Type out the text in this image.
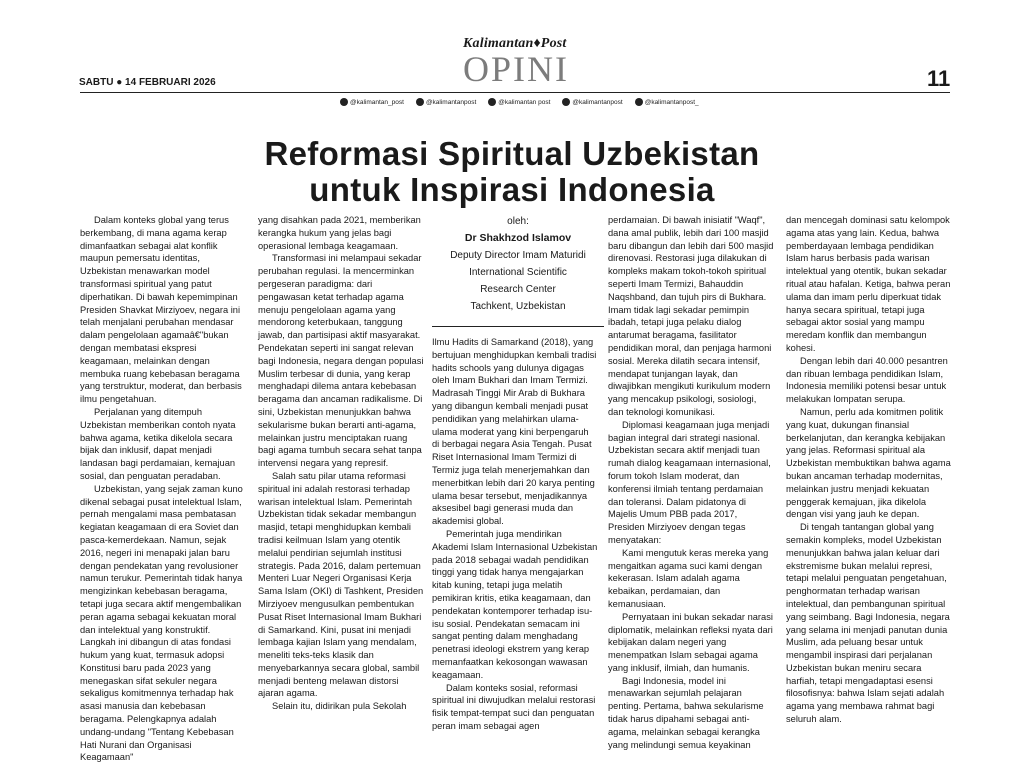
Kalimantan♦Post
OPINI
SABTU ● 14 FEBRUARI 2026	11
@kalimantan_post	@kalimantanpost	@kalimantan post	@kalimantanpost	@kalimantanpost_
Reformasi Spiritual Uzbekistan
untuk Inspirasi Indonesia

Dalam konteks global yang terus berkembang, di mana agama kerap dimanfaatkan sebagai alat konflik maupun pemersatu identitas, Uzbekistan menawarkan model transformasi spiritual yang patut diperhatikan. Di bawah kepemimpinan Presiden Shavkat Mirziyoev, negara ini telah menjalani perubahan mendasar dalam pengelolaan agamaâ€"bukan dengan membatasi ekspresi keagamaan, melainkan dengan membuka ruang kebebasan beragama yang terstruktur, moderat, dan berbasis ilmu pengetahuan.

Perjalanan yang ditempuh Uzbekistan memberikan contoh nyata bahwa agama, ketika dikelola secara bijak dan inklusif, dapat menjadi landasan bagi perdamaian, kemajuan sosial, dan penguatan peradaban.

Uzbekistan, yang sejak zaman kuno dikenal sebagai pusat intelektual Islam, pernah mengalami masa pembatasan kegiatan keagamaan di era Soviet dan pasca-kemerdekaan. Namun, sejak 2016, negeri ini menapaki jalan baru dengan pendekatan yang revolusioner namun terukur. Pemerintah tidak hanya mengizinkan kebebasan beragama, tetapi juga secara aktif mengembalikan peran agama sebagai kekuatan moral dan intelektual yang konstruktif. Langkah ini dibangun di atas fondasi hukum yang kuat, termasuk adopsi Konstitusi baru pada 2023 yang menegaskan sifat sekuler negara sekaligus komitmennya terhadap hak asasi manusia dan kebebasan beragama. Pelengkapnya adalah undang-undang "Tentang Kebebasan Hati Nurani dan Organisasi Keagamaan"

yang disahkan pada 2021, memberikan kerangka hukum yang jelas bagi operasional lembaga keagamaan.

Transformasi ini melampaui sekadar perubahan regulasi. Ia mencerminkan pergeseran paradigma: dari pengawasan ketat terhadap agama menuju pengelolaan agama yang mendorong keterbukaan, tanggung jawab, dan partisipasi aktif masyarakat. Pendekatan seperti ini sangat relevan bagi Indonesia, negara dengan populasi Muslim terbesar di dunia, yang kerap menghadapi dilema antara kebebasan beragama dan ancaman radikalisme. Di sini, Uzbekistan menunjukkan bahwa sekularisme bukan berarti anti-agama, melainkan justru menciptakan ruang bagi agama tumbuh secara sehat tanpa intervensi negara yang represif.

Salah satu pilar utama reformasi spiritual ini adalah restorasi terhadap warisan intelektual Islam. Pemerintah Uzbekistan tidak sekadar membangun masjid, tetapi menghidupkan kembali tradisi keilmuan Islam yang otentik melalui pendirian sejumlah institusi strategis. Pada 2016, dalam pertemuan Menteri Luar Negeri Organisasi Kerja Sama Islam (OKI) di Tashkent, Presiden Mirziyoev mengusulkan pembentukan Pusat Riset Internasional Imam Bukhari di Samarkand. Kini, pusat ini menjadi lembaga kajian Islam yang mendalam, meneliti teks-teks klasik dan menyebarkannya secara global, sambil menjadi benteng melawan distorsi ajaran agama.

Selain itu, didirikan pula Sekolah

oleh:
Dr Shakhzod Islamov
Deputy Director Imam Maturidi
International Scientific
Research Center
Tachkent, Uzbekistan

Ilmu Hadits di Samarkand (2018), yang bertujuan menghidupkan kembali tradisi hadits schools yang dulunya digagas oleh Imam Bukhari dan Imam Termizi. Madrasah Tinggi Mir Arab di Bukhara yang dibangun kembali menjadi pusat pendidikan yang melahirkan ulama-ulama moderat yang kini berpengaruh di berbagai negara Asia Tengah. Pusat Riset Internasional Imam Termizi di Termiz juga telah menerjemahkan dan menerbitkan lebih dari 20 karya penting ulama besar tersebut, menjadikannya aksesibel bagi generasi muda dan akademisi global.

Pemerintah juga mendirikan Akademi Islam Internasional Uzbekistan pada 2018 sebagai wadah pendidikan tinggi yang tidak hanya mengajarkan kitab kuning, tetapi juga melatih pemikiran kritis, etika keagamaan, dan pendekatan kontemporer terhadap isu-isu sosial. Pendekatan semacam ini sangat penting dalam menghadang penetrasi ideologi ekstrem yang kerap memanfaatkan kekosongan wawasan keagamaan.

Dalam konteks sosial, reformasi spiritual ini diwujudkan melalui restorasi fisik tempat-tempat suci dan penguatan peran imam sebagai agen

perdamaian. Di bawah inisiatif "Waqf", dana amal publik, lebih dari 100 masjid baru dibangun dan lebih dari 500 masjid direnovasi. Restorasi juga dilakukan di kompleks makam tokoh-tokoh spiritual seperti Imam Termizi, Bahauddin Naqshband, dan tujuh pirs di Bukhara. Imam tidak lagi sekadar pemimpin ibadah, tetapi juga pelaku dialog antarumat beragama, fasilitator pendidikan moral, dan penjaga harmoni sosial. Mereka dilatih secara intensif, mendapat tunjangan layak, dan diwajibkan mengikuti kurikulum modern yang mencakup psikologi, sosiologi, dan teknologi komunikasi.

Diplomasi keagamaan juga menjadi bagian integral dari strategi nasional. Uzbekistan secara aktif menjadi tuan rumah dialog keagamaan internasional, forum tokoh Islam moderat, dan konferensi ilmiah tentang perdamaian dan toleransi. Dalam pidatonya di Majelis Umum PBB pada 2017, Presiden Mirziyoev dengan tegas menyatakan:

Kami mengutuk keras mereka yang mengaitkan agama suci kami dengan kekerasan. Islam adalah agama kebaikan, perdamaian, dan kemanusiaan.

Pernyataan ini bukan sekadar narasi diplomatik, melainkan refleksi nyata dari kebijakan dalam negeri yang menempatkan Islam sebagai agama yang inklusif, ilmiah, dan humanis.

Bagi Indonesia, model ini menawarkan sejumlah pelajaran penting. Pertama, bahwa sekularisme tidak harus dipahami sebagai anti-agama, melainkan sebagai kerangka yang melindungi semua keyakinan

dan mencegah dominasi satu kelompok agama atas yang lain. Kedua, bahwa pemberdayaan lembaga pendidikan Islam harus berbasis pada warisan intelektual yang otentik, bukan sekadar ritual atau hafalan. Ketiga, bahwa peran ulama dan imam perlu diperkuat tidak hanya secara spiritual, tetapi juga sebagai aktor sosial yang mampu meredam konflik dan membangun kohesi.

Dengan lebih dari 40.000 pesantren dan ribuan lembaga pendidikan Islam, Indonesia memiliki potensi besar untuk melakukan lompatan serupa.

Namun, perlu ada komitmen politik yang kuat, dukungan finansial berkelanjutan, dan kerangka kebijakan yang jelas. Reformasi spiritual ala Uzbekistan membuktikan bahwa agama bukan ancaman terhadap modernitas, melainkan justru menjadi kekuatan penggerak kemajuan, jika dikelola dengan visi yang jauh ke depan.

Di tengah tantangan global yang semakin kompleks, model Uzbekistan menunjukkan bahwa jalan keluar dari ekstremisme bukan melalui represi, tetapi melalui penguatan pengetahuan, penghormatan terhadap warisan intelektual, dan pembangunan spiritual yang seimbang. Bagi Indonesia, negara yang selama ini menjadi panutan dunia Muslim, ada peluang besar untuk mengambil inspirasi dari perjalanan Uzbekistan bukan meniru secara harfiah, tetapi mengadaptasi esensi filosofisnya: bahwa Islam sejati adalah agama yang membawa rahmat bagi seluruh alam.
